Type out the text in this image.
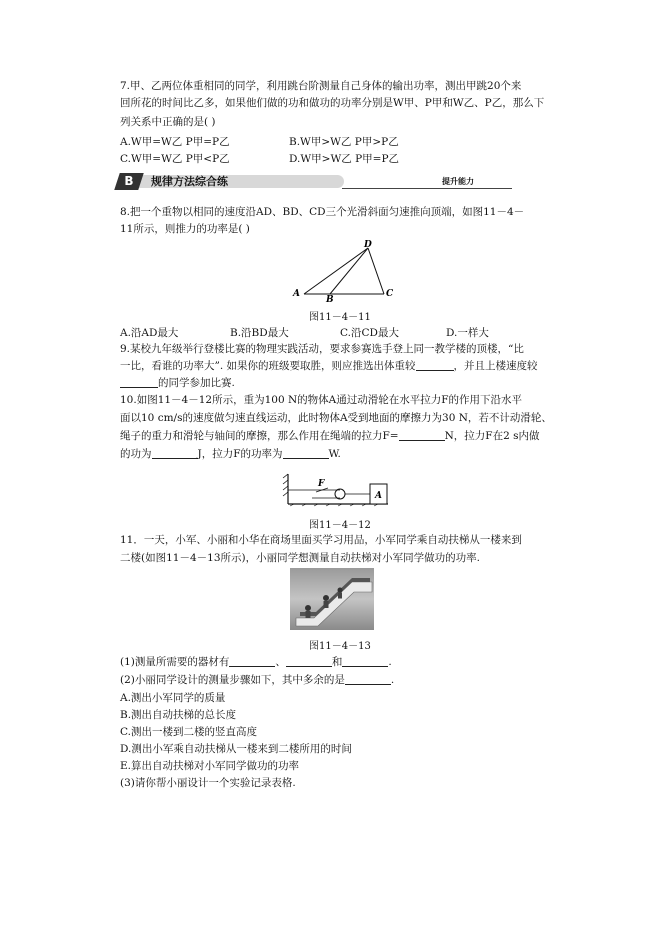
7.甲、乙两位体重相同的同学，利用跳台阶测量自己身体的输出功率，测出甲跳20个来
回所花的时间比乙多，如果他们做的功和做功的功率分别是W甲、P甲和W乙、P乙，那么下
列关系中正确的是( )
A.W甲=W乙 P甲=P乙	B.W甲>W乙 P甲>P乙
C.W甲=W乙 P甲<P乙	D.W甲>W乙 P甲=P乙
B	规律方法综合练	提升能力
8.把一个重物以相同的速度沿AD、BD、CD三个光滑斜面匀速推向顶端，如图11－4－
11所示，则推力的功率是( )
A
B
C
D
图11－4－11
A.沿AD最大	B.沿BD最大	C.沿CD最大	D.一样大
9.某校九年级举行登楼比赛的物理实践活动，要求参赛选手登上同一教学楼的顶楼，“比
一比，看谁的功率大”. 如果你的班级要取胜，则应推选出体重较	，并且上楼速度较
的同学参加比赛.
10.如图11－4－12所示，重为100 N的物体A通过动滑轮在水平拉力F的作用下沿水平
面以10 cm/s的速度做匀速直线运动，此时物体A受到地面的摩擦力为30 N，若不计动滑轮、
绳子的重力和滑轮与轴间的摩擦，那么作用在绳端的拉力F=	N，拉力F在2 s内做
的功为	J，拉力F的功率为	W.
A
F
图11－4－12
11．一天，小军、小丽和小华在商场里面买学习用品，小军同学乘自动扶梯从一楼来到
二楼(如图11－4－13所示)，小丽同学想测量自动扶梯对小军同学做功的功率.
图11－4－13
(1)测量所需要的器材有	、	和	.
(2)小丽同学设计的测量步骤如下，其中多余的是	.
A.测出小军同学的质量
B.测出自动扶梯的总长度
C.测出一楼到二楼的竖直高度
D.测出小军乘自动扶梯从一楼来到二楼所用的时间
E.算出自动扶梯对小军同学做功的功率
(3)请你帮小丽设计一个实验记录表格.
